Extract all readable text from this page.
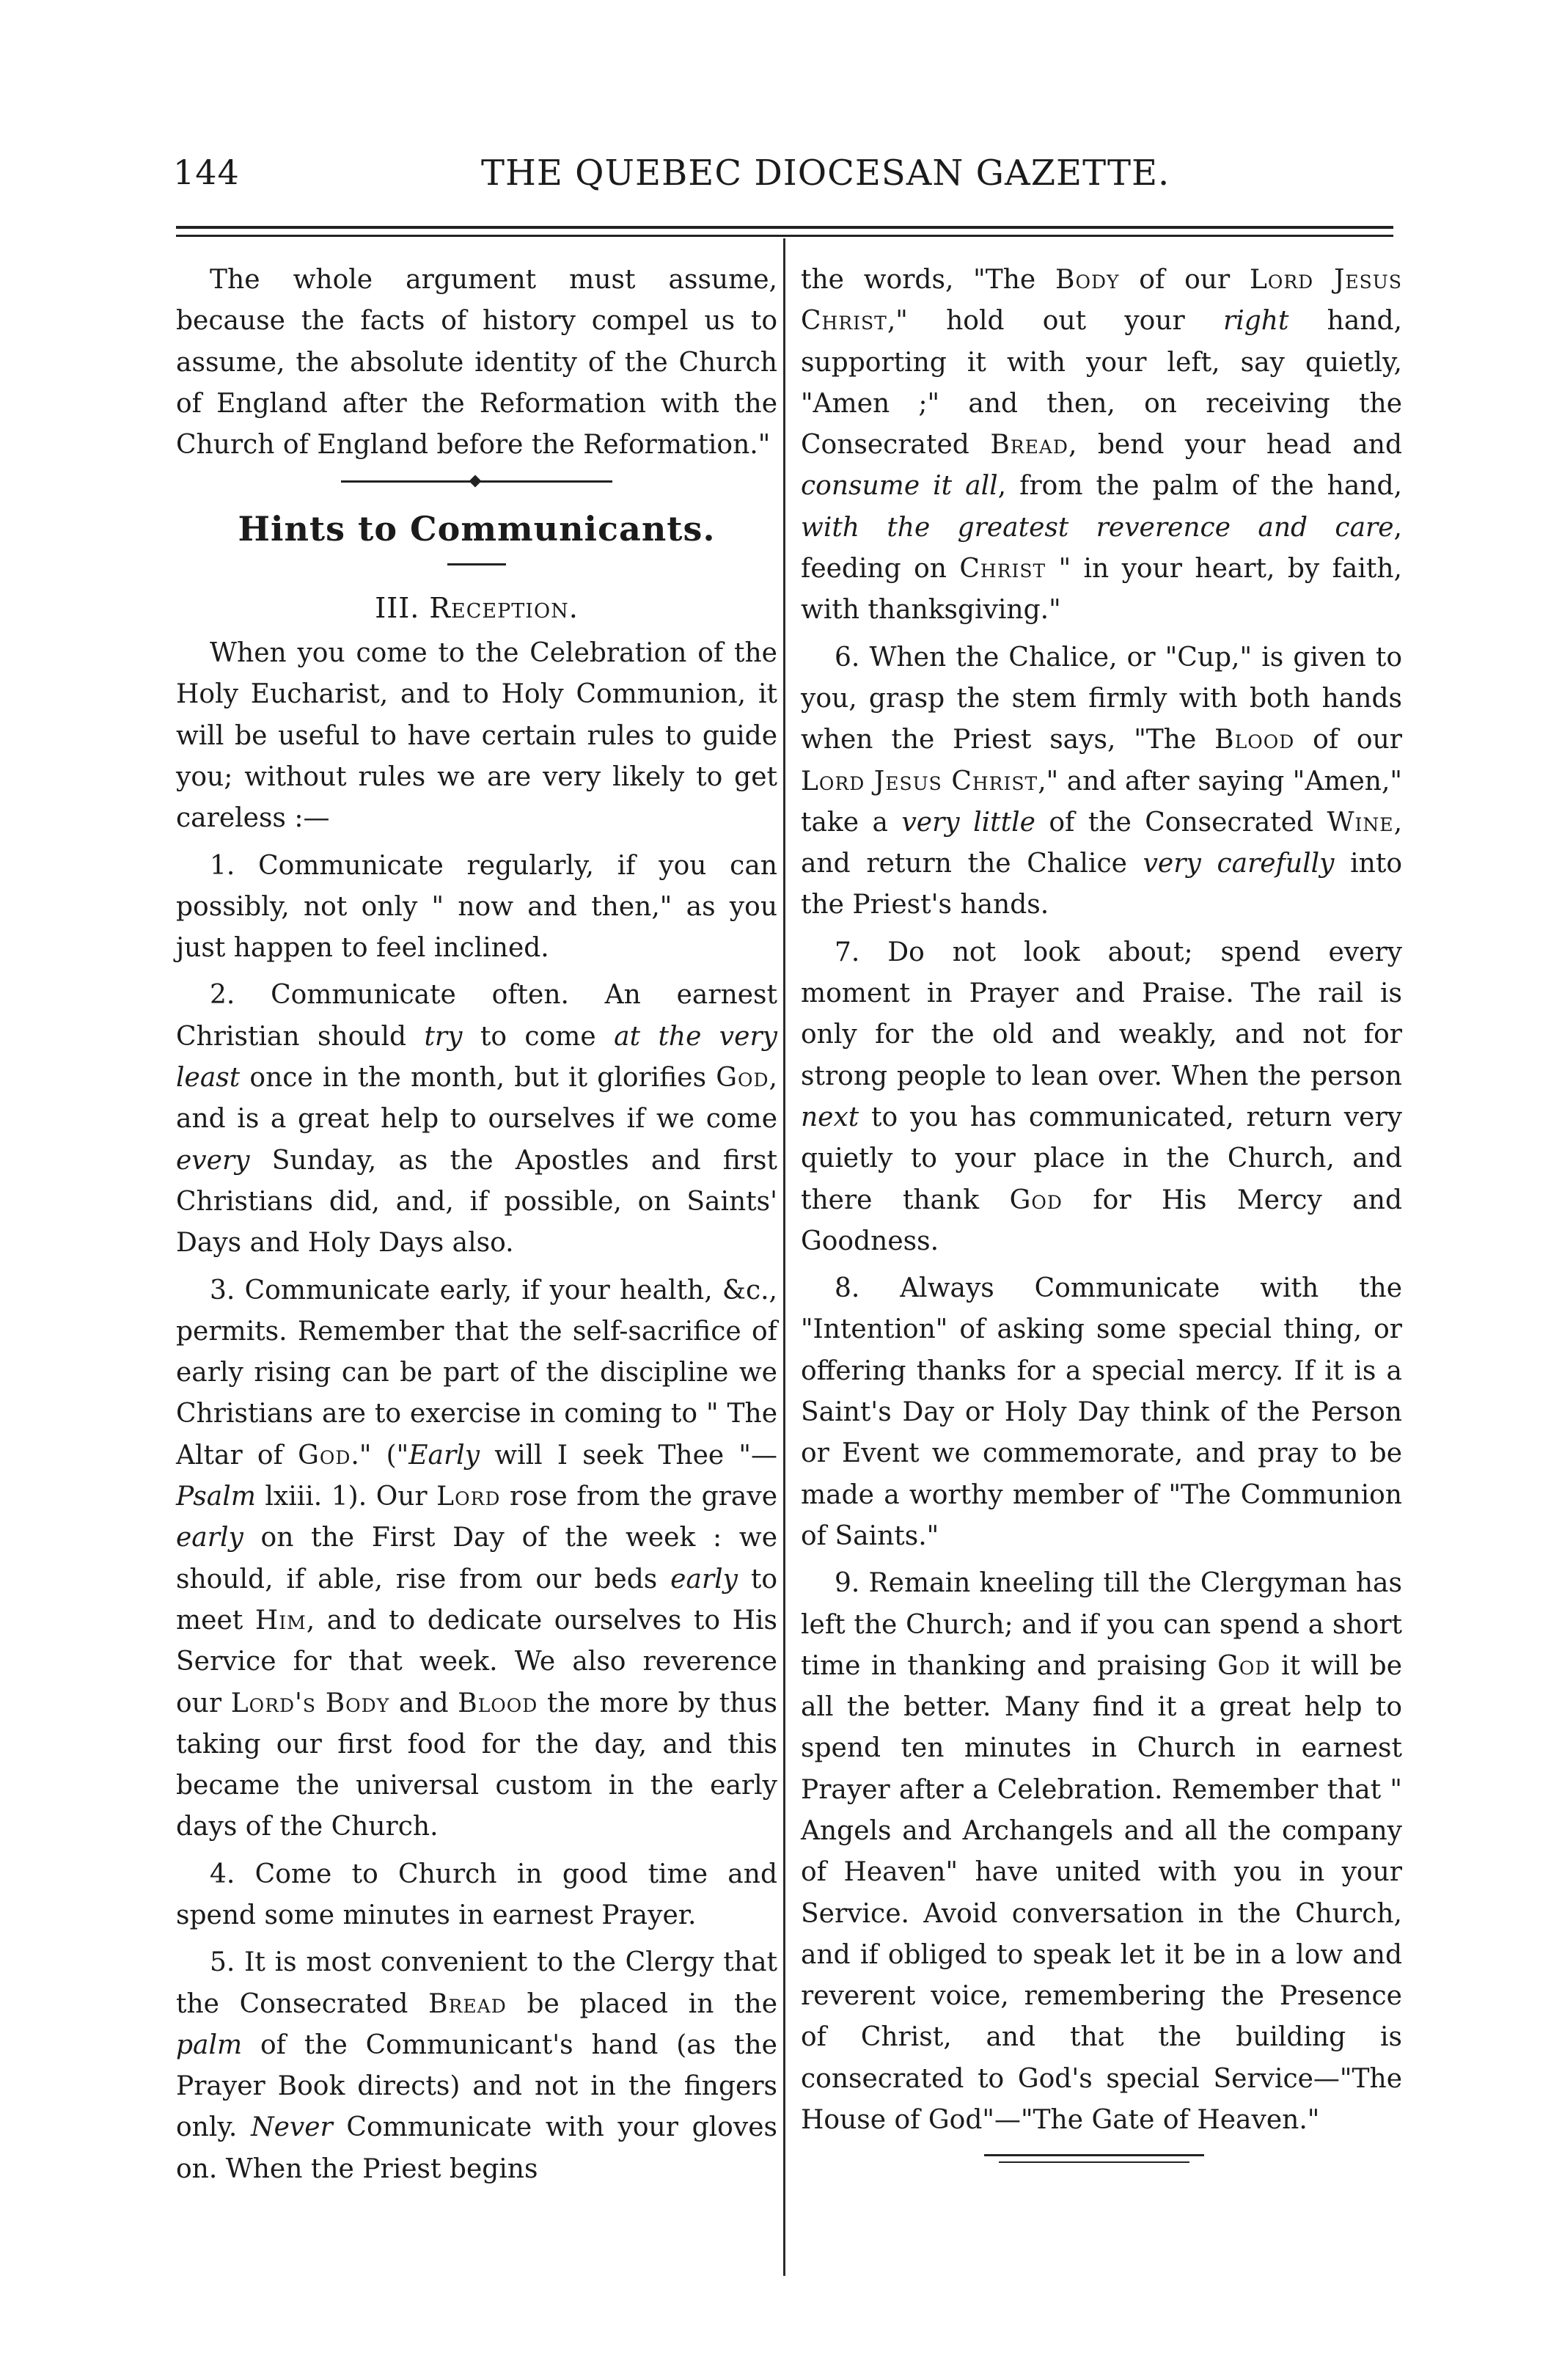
144	THE QUEBEC DIOCESAN GAZETTE.

The whole argument must assume, because the facts of history compel us to assume, the absolute identity of the Church of England after the Reformation with the Church of England before the Reformation."

Hints to Communicants.
III. Reception.

When you come to the Celebration of the Holy Eucharist, and to Holy Communion, it will be useful to have certain rules to guide you; without rules we are very likely to get careless :—

1. Communicate regularly, if you can possibly, not only " now and then," as you just happen to feel inclined.

2. Communicate often. An earnest Christian should try to come at the very least once in the month, but it glorifies God, and is a great help to ourselves if we come every Sunday, as the Apostles and first Christians did, and, if possible, on Saints' Days and Holy Days also.

3. Communicate early, if your health, &c., permits. Remember that the self-sacrifice of early rising can be part of the discipline we Christians are to exercise in coming to " The Altar of God." ("Early will I seek Thee "—Psalm lxiii. 1). Our Lord rose from the grave early on the First Day of the week : we should, if able, rise from our beds early to meet Him, and to dedicate ourselves to His Service for that week. We also reverence our Lord's Body and Blood the more by thus taking our first food for the day, and this became the universal custom in the early days of the Church.

4. Come to Church in good time and spend some minutes in earnest Prayer.

5. It is most convenient to the Clergy that the Consecrated Bread be placed in the palm of the Communicant's hand (as the Prayer Book directs) and not in the fingers only. Never Communicate with your gloves on. When the Priest begins

the words, "The Body of our Lord Jesus Christ," hold out your right hand, supporting it with your left, say quietly, "Amen ;" and then, on receiving the Consecrated Bread, bend your head and consume it all, from the palm of the hand, with the greatest reverence and care, feeding on Christ " in your heart, by faith, with thanksgiving."

6. When the Chalice, or "Cup," is given to you, grasp the stem firmly with both hands when the Priest says, "The Blood of our Lord Jesus Christ," and after saying "Amen," take a very little of the Consecrated Wine, and return the Chalice very carefully into the Priest's hands.

7. Do not look about; spend every moment in Prayer and Praise. The rail is only for the old and weakly, and not for strong people to lean over. When the person next to you has communicated, return very quietly to your place in the Church, and there thank God for His Mercy and Goodness.

8. Always Communicate with the "Intention" of asking some special thing, or offering thanks for a special mercy. If it is a Saint's Day or Holy Day think of the Person or Event we commemorate, and pray to be made a worthy member of "The Communion of Saints."

9. Remain kneeling till the Clergyman has left the Church; and if you can spend a short time in thanking and praising God it will be all the better. Many find it a great help to spend ten minutes in Church in earnest Prayer after a Celebration. Remember that " Angels and Archangels and all the company of Heaven" have united with you in your Service. Avoid conversation in the Church, and if obliged to speak let it be in a low and reverent voice, remembering the Presence of Christ, and that the building is consecrated to God's special Service—"The House of God"—"The Gate of Heaven."
